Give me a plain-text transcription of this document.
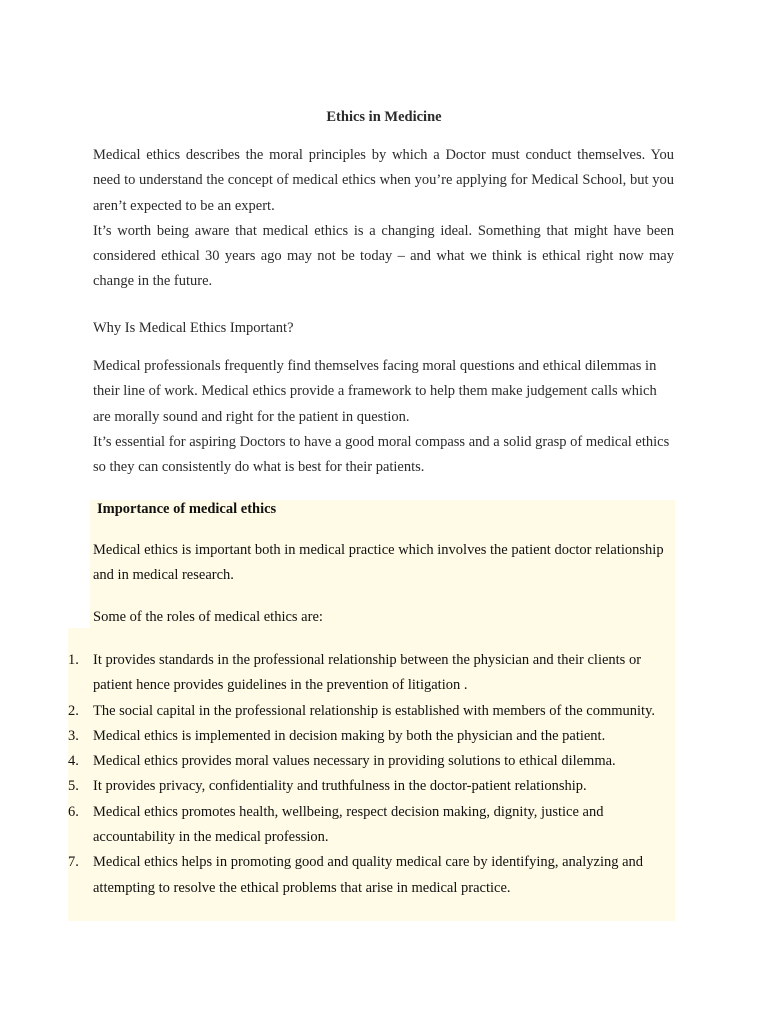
Ethics in Medicine
Medical ethics describes the moral principles by which a Doctor must conduct themselves. You need to understand the concept of medical ethics when you’re applying for Medical School, but you aren’t expected to be an expert.
It’s worth being aware that medical ethics is a changing ideal. Something that might have been considered ethical 30 years ago may not be today – and what we think is ethical right now may change in the future.
Why Is Medical Ethics Important?
Medical professionals frequently find themselves facing moral questions and ethical dilemmas in their line of work. Medical ethics provide a framework to help them make judgement calls which are morally sound and right for the patient in question.
It’s essential for aspiring Doctors to have a good moral compass and a solid grasp of medical ethics so they can consistently do what is best for their patients.
Importance of medical ethics
Medical ethics is important both in medical practice which involves the patient doctor relationship and in medical research.
Some of the roles of medical ethics are:
1. It provides standards in the professional relationship between the physician and their clients or patient hence provides guidelines in the prevention of litigation .
2. The social capital in the professional relationship is established with members of the community.
3. Medical ethics is implemented in decision making by both the physician and the patient.
4. Medical ethics provides moral values necessary in providing solutions to ethical dilemma.
5. It provides privacy, confidentiality and truthfulness in the doctor-patient relationship.
6. Medical ethics promotes health, wellbeing, respect decision making, dignity, justice and accountability in the medical profession.
7. Medical ethics helps in promoting good and quality medical care by identifying, analyzing and attempting to resolve the ethical problems that arise in medical practice.
